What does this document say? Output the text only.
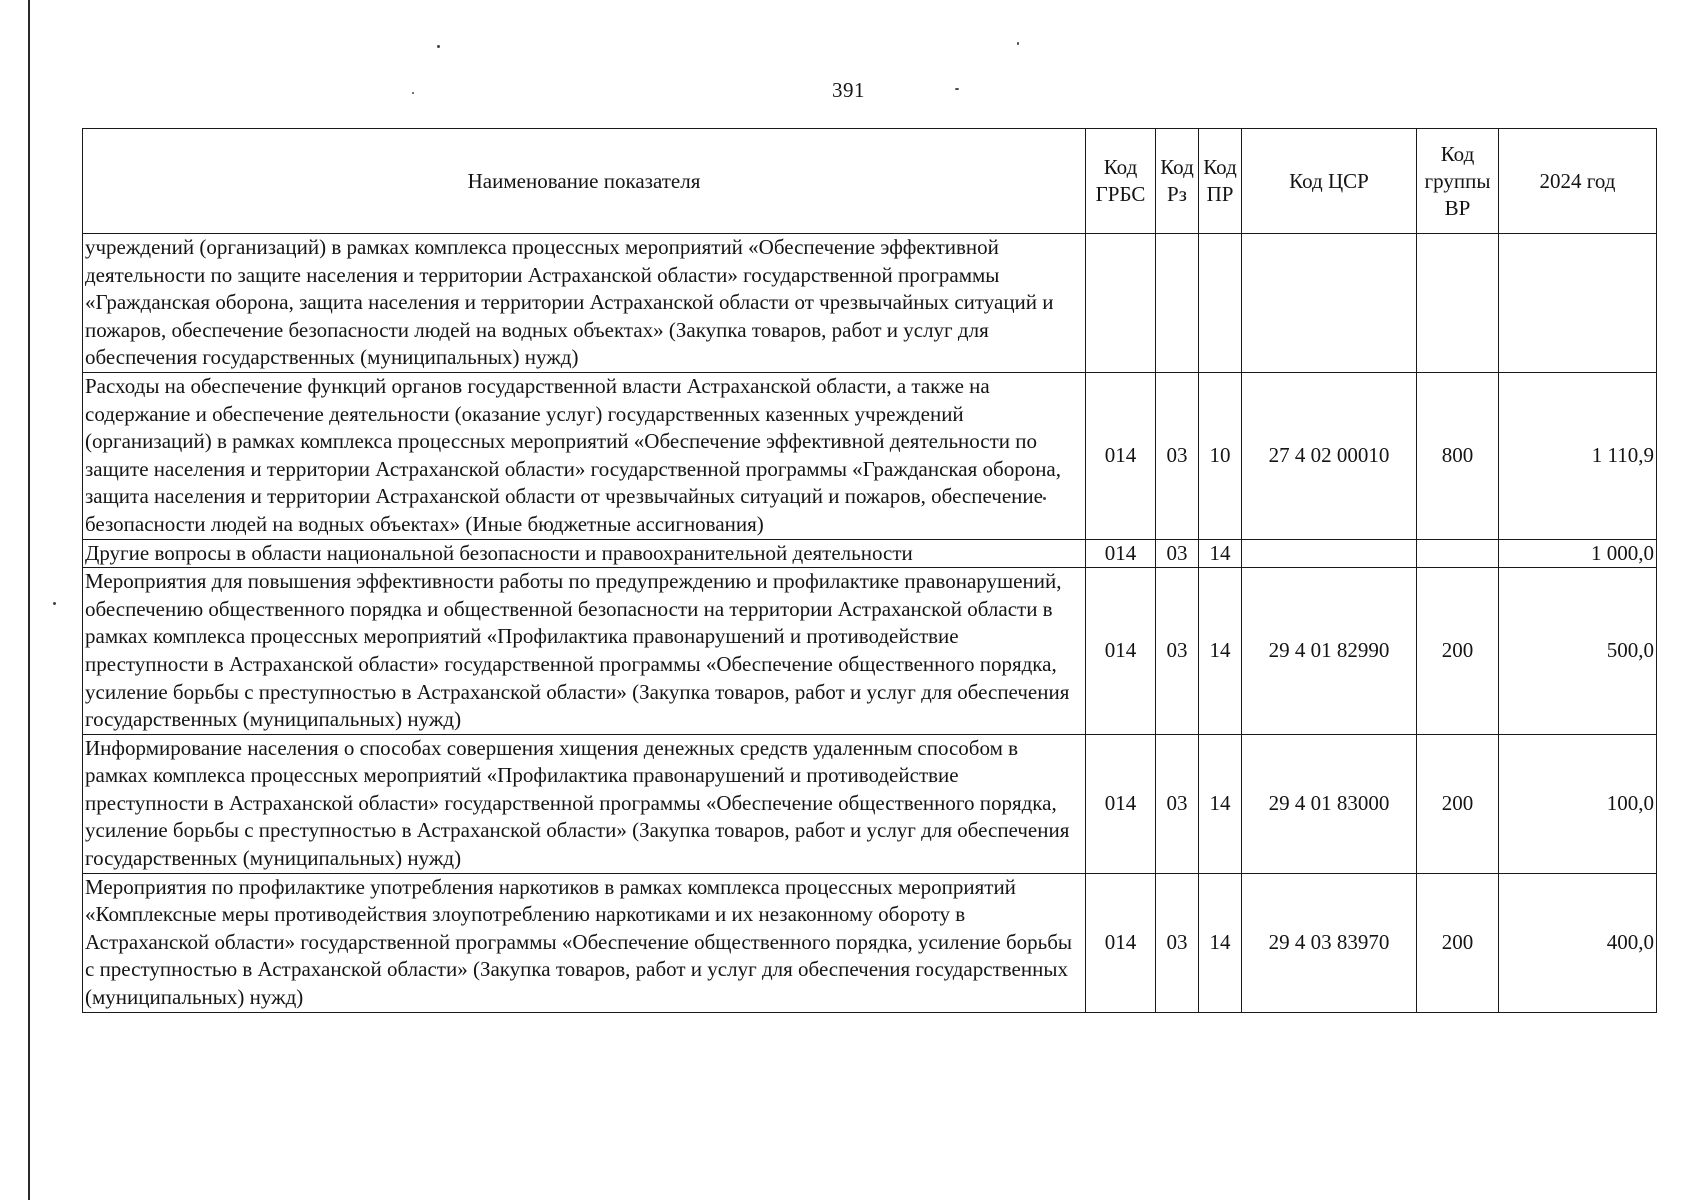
391
Наименование показателя	Код ГРБС	Код Рз	Код ПР	Код ЦСР	Код группы ВР	2024 год
учреждений (организаций) в рамках комплекса процессных мероприятий «Обеспечение эффективной деятельности по защите населения и территории Астраханской области» государственной программы «Гражданская оборона, защита населения и территории Астраханской области от чрезвычайных ситуаций и пожаров, обеспечение безопасности людей на водных объектах» (Закупка товаров, работ и услуг для обеспечения государственных (муниципальных) нужд)						
Расходы на обеспечение функций органов государственной власти Астраханской области, а также на содержание и обеспечение деятельности (оказание услуг) государственных казенных учреждений (организаций) в рамках комплекса процессных мероприятий «Обеспечение эффективной деятельности по защите населения и территории Астраханской области» государственной программы «Гражданская оборона, защита населения и территории Астраханской области от чрезвычайных ситуаций и пожаров, обеспечение безопасности людей на водных объектах» (Иные бюджетные ассигнования)	014	03	10	27 4 02 00010	800	1 110,9
Другие вопросы в области национальной безопасности и правоохранительной деятельности	014	03	14			1 000,0
Мероприятия для повышения эффективности работы по предупреждению и профилактике правонарушений, обеспечению общественного порядка и общественной безопасности на территории Астраханской области в рамках комплекса процессных мероприятий «Профилактика правонарушений и противодействие преступности в Астраханской области» государственной программы «Обеспечение общественного порядка, усиление борьбы с преступностью в Астраханской области» (Закупка товаров, работ и услуг для обеспечения государственных (муниципальных) нужд)	014	03	14	29 4 01 82990	200	500,0
Информирование населения о способах совершения хищения денежных средств удаленным способом в рамках комплекса процессных мероприятий «Профилактика правонарушений и противодействие преступности в Астраханской области» государственной программы «Обеспечение общественного порядка, усиление борьбы с преступностью в Астраханской области» (Закупка товаров, работ и услуг для обеспечения государственных (муниципальных) нужд)	014	03	14	29 4 01 83000	200	100,0
Мероприятия по профилактике употребления наркотиков в рамках комплекса процессных мероприятий «Комплексные меры противодействия злоупотреблению наркотиками и их незаконному обороту в Астраханской области» государственной программы «Обеспечение общественного порядка, усиление борьбы с преступностью в Астраханской области» (Закупка товаров, работ и услуг для обеспечения государственных (муниципальных) нужд)	014	03	14	29 4 03 83970	200	400,0
